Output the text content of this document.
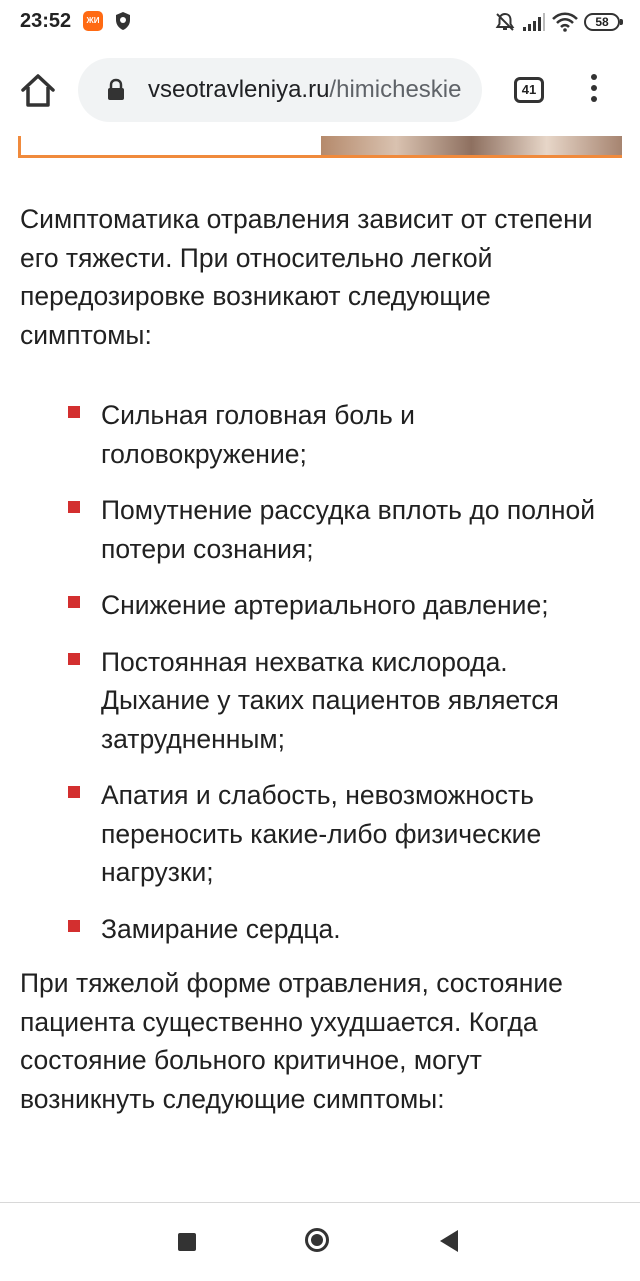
23:52	ЖИ	58
vseotravleniya.ru/himicheskie	41

Симптоматика отравления зависит от степени его тяжести. При относительно легкой передозировке возникают следующие симптомы:

Сильная головная боль и головокружение;
Помутнение рассудка вплоть до полной потери сознания;
Снижение артериального давление;
Постоянная нехватка кислорода. Дыхание у таких пациентов является затрудненным;
Апатия и слабость, невозможность переносить какие-либо физические нагрузки;
Замирание сердца.

При тяжелой форме отравления, состояние пациента существенно ухудшается. Когда состояние больного критичное, могут возникнуть следующие симптомы:
